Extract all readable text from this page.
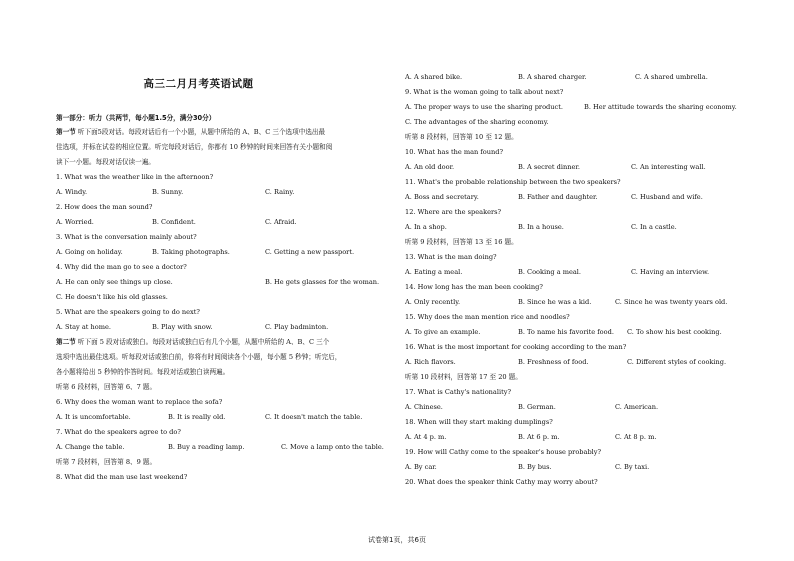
高三二月月考英语试题
第一部分：听力（共两节，每小题1.5分，满分30分）
第一节 听下面5段对话。每段对话后有一个小题，从题中所给的 A、B、C 三个选项中选出最
佳选项，并标在试卷的相应位置。听完每段对话后，你都有 10 秒钟的时间来回答有关小题和阅
读下一小题。每段对话仅读一遍。
1. What was the weather like in the afternoon?
A. Windy.	B. Sunny.	C. Rainy.
2. How does the man sound?
A. Worried.	B. Confident.	C. Afraid.
3. What is the conversation mainly about?
A. Going on holiday.	B. Taking photographs.	C. Getting a new passport.
4. Why did the man go to see a doctor?
A. He can only see things up close.	B. He gets glasses for the woman.
C. He doesn't like his old glasses.
5. What are the speakers going to do next?
A. Stay at home.	B. Play with snow.	C. Play badminton.
第二节 听下面 5 段对话或独白。每段对话或独白后有几个小题，从题中所给的 A、B、C 三个
选项中选出最佳选项。听每段对话或独白前，你将有时间阅读各个小题，每小题 5 秒钟；听完后，
各小题将给出 5 秒钟的作答时间。每段对话或独白读两遍。
听第 6 段材料，回答第 6、7 题。
6. Why does the woman want to replace the sofa?
A. It is uncomfortable.	B. It is really old.	C. It doesn't match the table.
7. What do the speakers agree to do?
A. Change the table.	B. Buy a reading lamp.	C. Move a lamp onto the table.
听第 7 段材料，回答第 8、9 题。
8. What did the man use last weekend?
A. A shared bike.	B. A shared charger.	C. A shared umbrella.
9. What is the woman going to talk about next?
A. The proper ways to use the sharing product.	B. Her attitude towards the sharing economy.
C. The advantages of the sharing economy.
听第 8 段材料，回答第 10 至 12 题。
10. What has the man found?
A. An old door.	B. A secret dinner.	C. An interesting wall.
11. What's the probable relationship between the two speakers?
A. Boss and secretary.	B. Father and daughter.	C. Husband and wife.
12. Where are the speakers?
A. In a shop.	B. In a house.	C. In a castle.
听第 9 段材料，回答第 13 至 16 题。
13. What is the man doing?
A. Eating a meal.	B. Cooking a meal.	C. Having an interview.
14. How long has the man been cooking?
A. Only recently.	B. Since he was a kid.	C. Since he was twenty years old.
15. Why does the man mention rice and noodles?
A. To give an example.	B. To name his favorite food. C. To show his best cooking.
16. What is the most important for cooking according to the man?
A. Rich flavors.	B. Freshness of food.	C. Different styles of cooking.
听第 10 段材料，回答第 17 至 20 题。
17. What is Cathy's nationality?
A. Chinese.	B. German.	C. American.
18. When will they start making dumplings?
A. At 4 p. m.	B. At 6 p. m.	C. At 8 p. m.
19. How will Cathy come to the speaker's house probably?
A. By car.	B. By bus.	C. By taxi.
20. What does the speaker think Cathy may worry about?
试卷第1页，共6页
